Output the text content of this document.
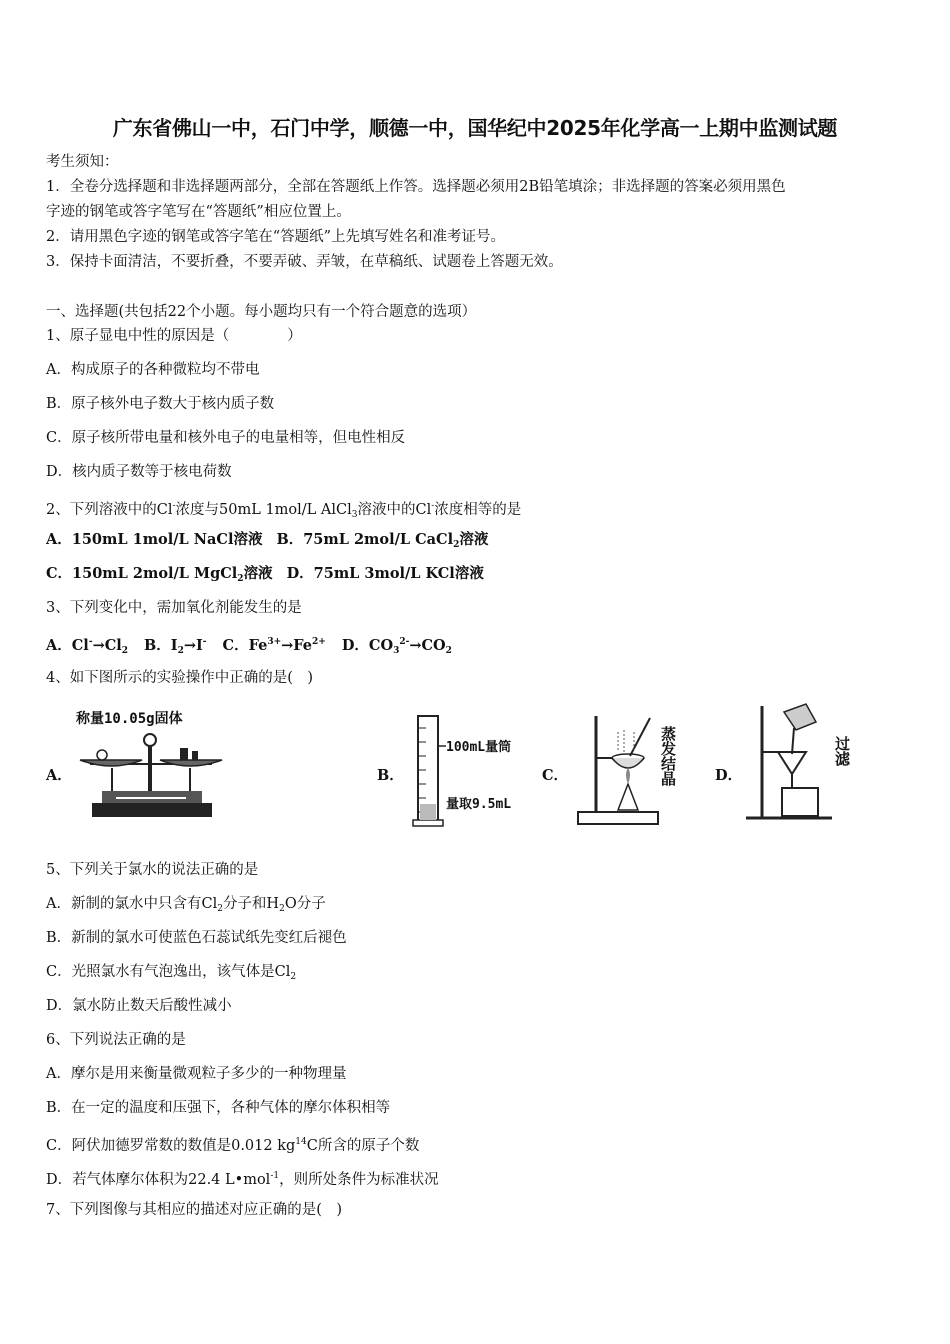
广东省佛山一中，石门中学，顺德一中，国华纪中2025年化学高一上期中监测试题
考生须知：
1．全卷分选择题和非选择题两部分，全部在答题纸上作答。选择题必须用2B铅笔填涂；非选择题的答案必须用黑色
字迹的钢笔或答字笔写在“答题纸”相应位置上。
2．请用黑色字迹的钢笔或答字笔在“答题纸”上先填写姓名和准考证号。
3．保持卡面清洁，不要折叠，不要弄破、弄皱，在草稿纸、试题卷上答题无效。
一、选择题(共包括22个小题。每小题均只有一个符合题意的选项）
1、原子显电中性的原因是（　　　　）
A．构成原子的各种微粒均不带电
B．原子核外电子数大于核内质子数
C．原子核所带电量和核外电子的电量相等，但电性相反
D．核内质子数等于核电荷数
2、下列溶液中的Cl-浓度与50mL 1mol/L AlCl$_3$溶液中的Cl-浓度相等的是
A．150mL 1mol/L NaCl溶液 B．75mL 2mol/L CaCl$_2$溶液
C．150mL 2mol/L MgCl$_2$溶液 D．75mL 3mol/L KCl溶液
3、下列变化中，需加氧化剂能发生的是
A．$Cl^-\to Cl_2$ B．$I_2\to I^-$ C．$Fe^{3+}\to Fe^{2+}$ D．$CO_3^{2-}\to CO_2$
4、如下图所示的实验操作中正确的是(　)
A．	B．	C．	D．
称量10.05g固体
100mL量筒
量取9.5mL
蒸发结晶	过滤
5、下列关于氯水的说法正确的是
A．新制的氯水中只含有$Cl_2$分子和$H_2O$分子
B．新制的氯水可使蓝色石蕊试纸先变红后褪色
C．光照氯水有气泡逸出，该气体是$Cl_2$
D．氯水防止数天后酸性减小
6、下列说法正确的是
A．摩尔是用来衡量微观粒子多少的一种物理量
B．在一定的温度和压强下，各种气体的摩尔体积相等
C．阿伏加德罗常数的数值是0.012 $kg^{14}C$所含的原子个数
D．若气体摩尔体积为22.4 L•mol$^{-1}$，则所处条件为标准状况
7、下列图像与其相应的描述对应正确的是(　)
